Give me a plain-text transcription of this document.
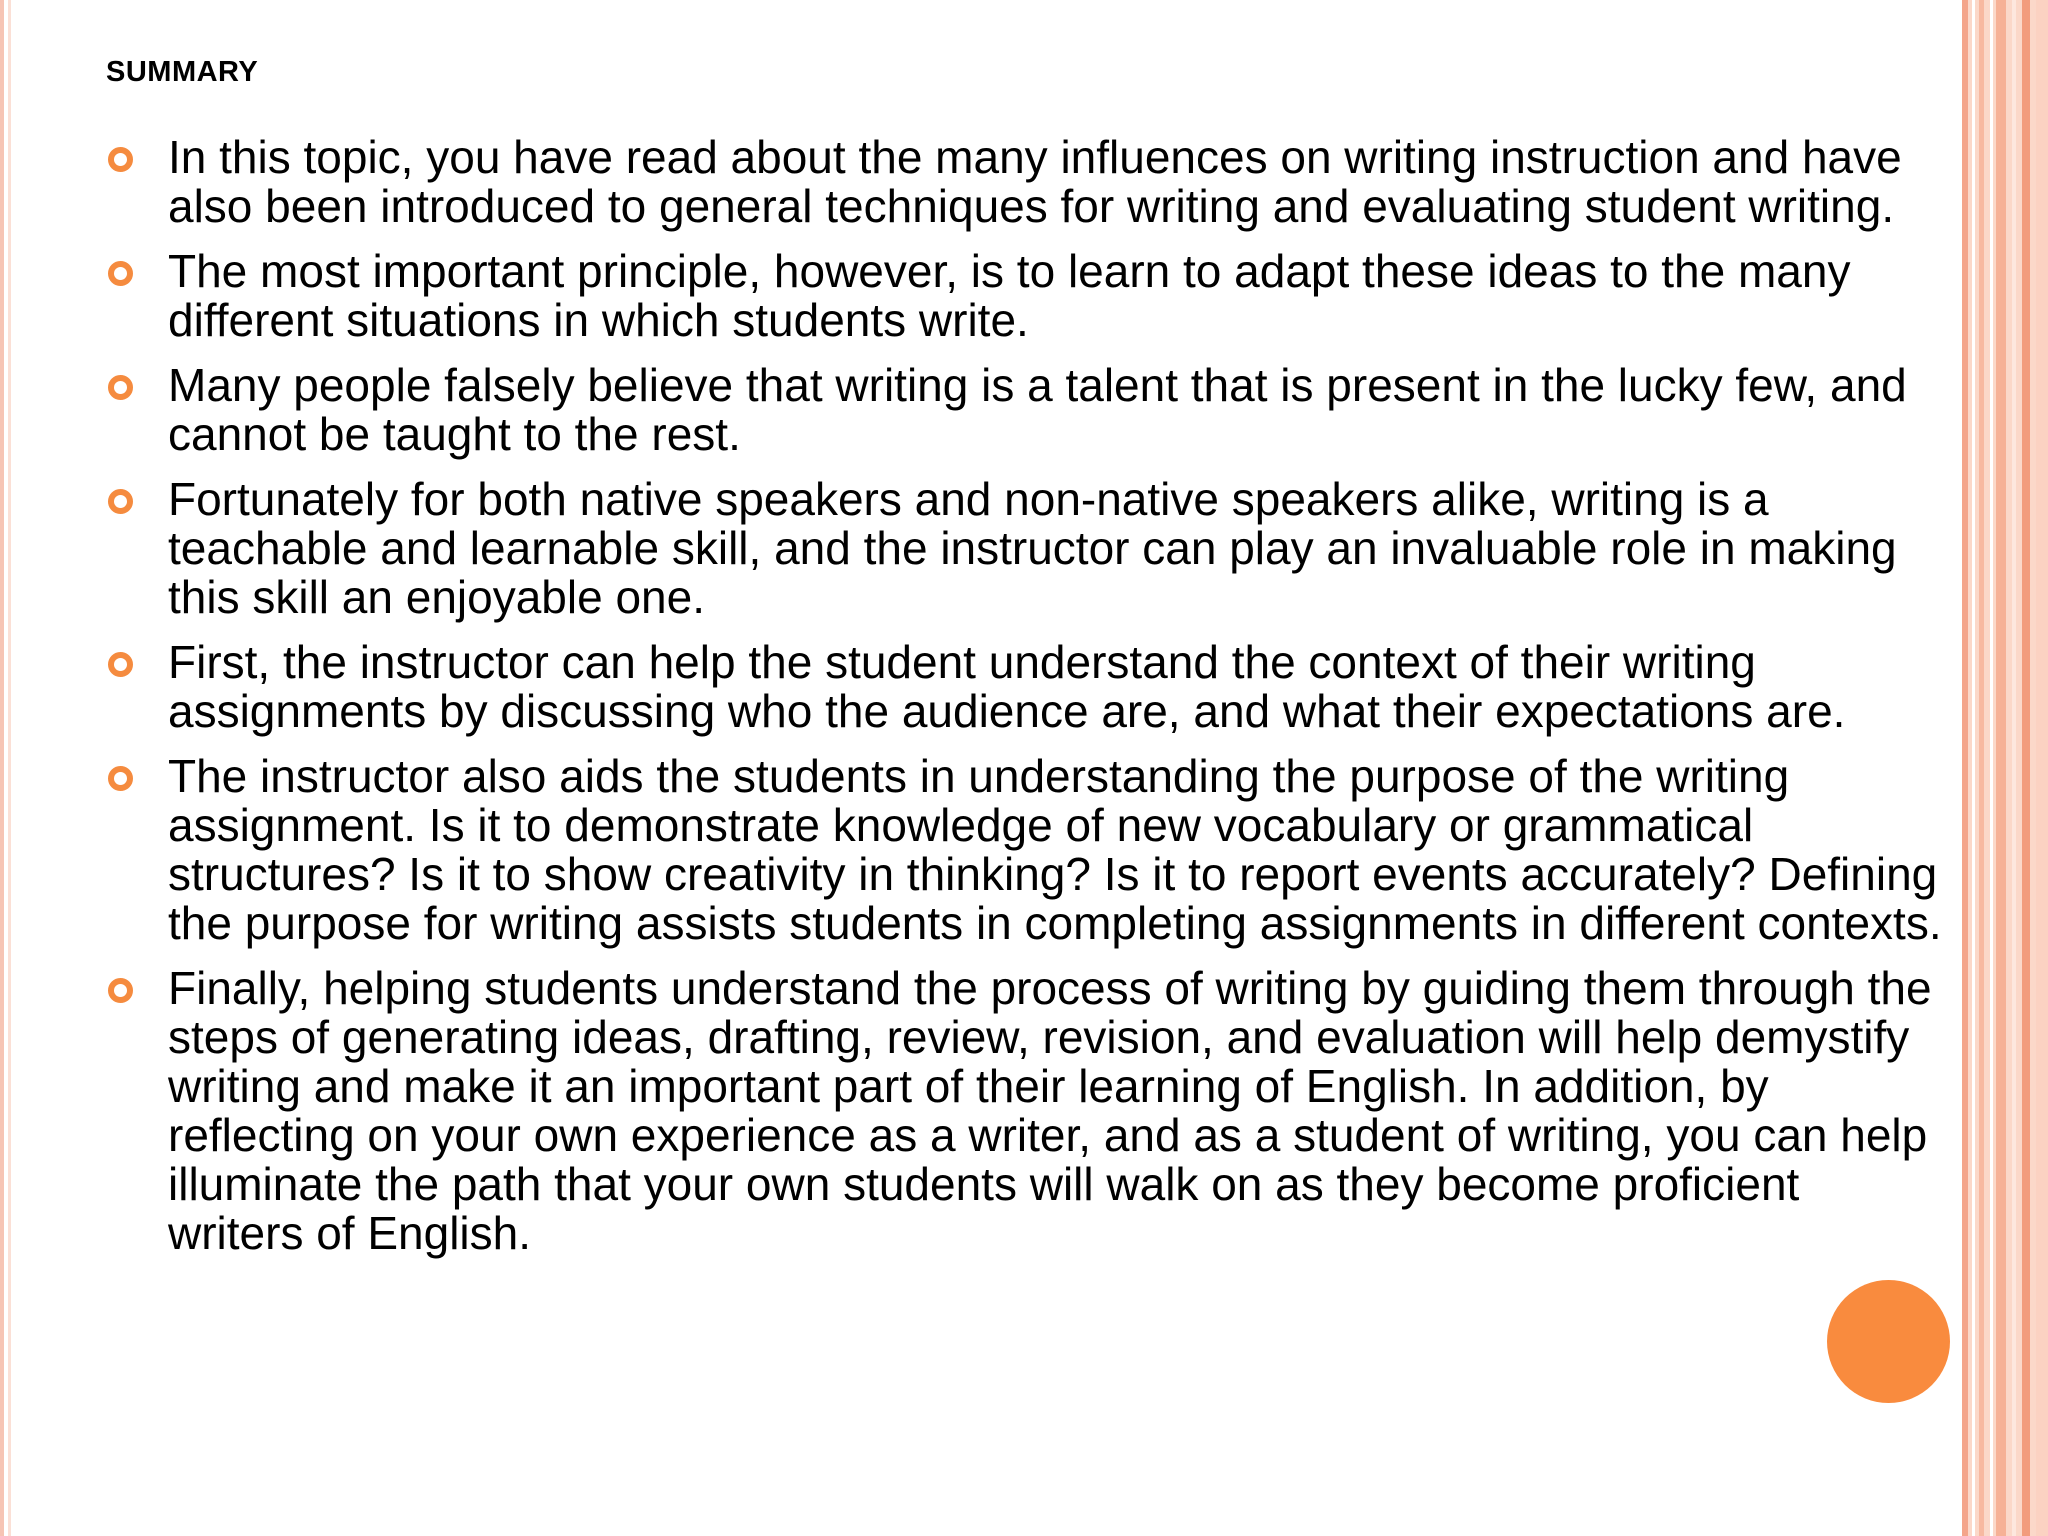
SUMMARY
In this topic, you have read about the many influences on writing instruction and have also been introduced to general techniques for writing and evaluating student writing.
The most important principle, however, is to learn to adapt these ideas to the many different situations in which students write.
Many people falsely believe that writing is a talent that is present in the lucky few, and cannot be taught to the rest.
Fortunately for both native speakers and non-native speakers alike, writing is a teachable and learnable skill, and the instructor can play an invaluable role in making this skill an enjoyable one.
First, the instructor can help the student understand the context of their writing assignments by discussing who the audience are, and what their expectations are.
The instructor also aids the students in understanding the purpose of the writing assignment. Is it to demonstrate knowledge of new vocabulary or grammatical structures? Is it to show creativity in thinking? Is it to report events accurately? Defining the purpose for writing assists students in completing assignments in different contexts.
Finally, helping students understand the process of writing by guiding them through the steps of generating ideas, drafting, review, revision, and evaluation will help demystify writing and make it an important part of their learning of English. In addition, by reflecting on your own experience as a writer, and as a student of writing, you can help illuminate the path that your own students will walk on as they become proficient writers of English.
